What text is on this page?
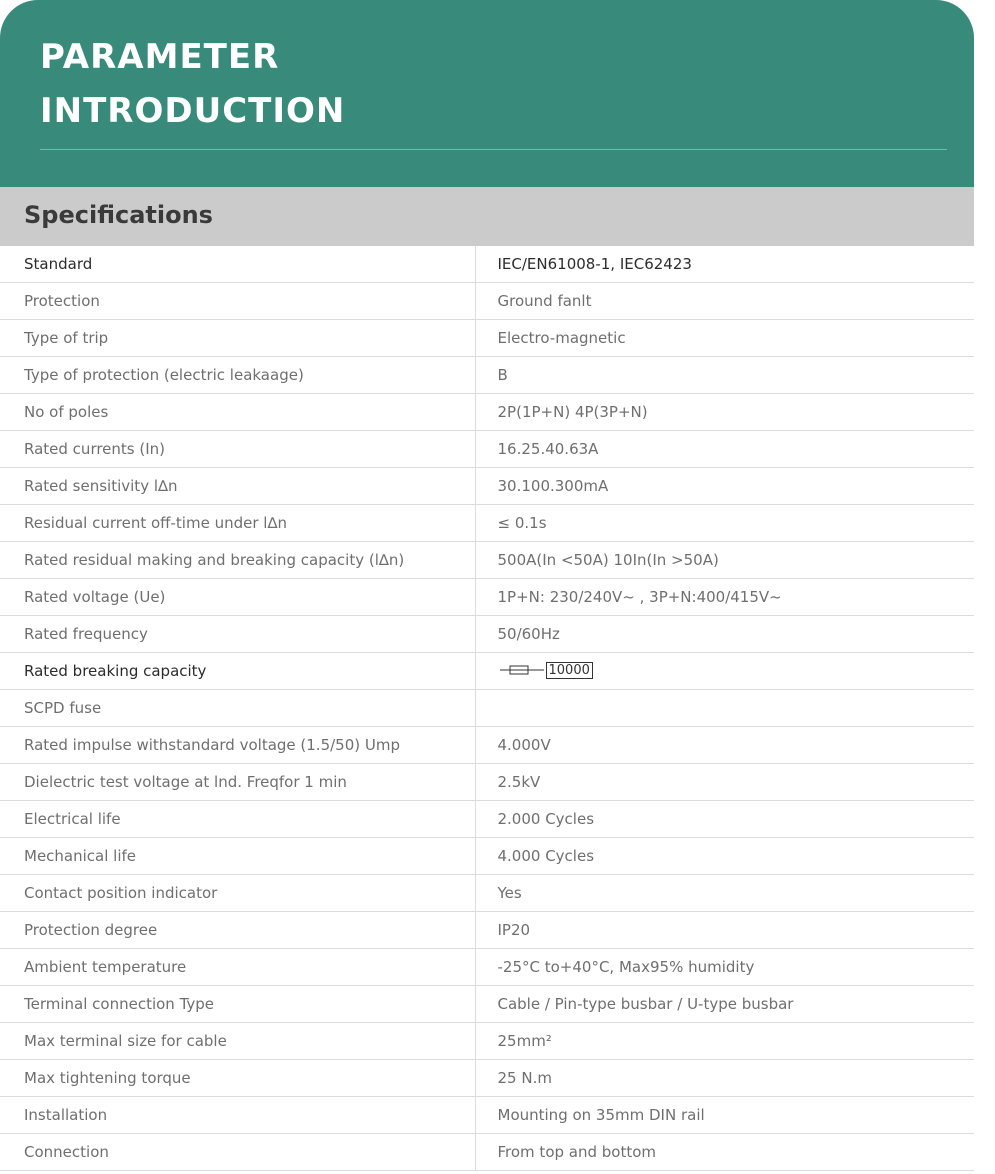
PARAMETER
INTRODUCTION
Specifications
Standard	IEC/EN61008-1, IEC62423
Protection	Ground fanlt
Type of trip	Electro-magnetic
Type of protection (electric leakaage)	B
No of poles	2P(1P+N) 4P(3P+N)
Rated currents (In)	16.25.40.63A
Rated sensitivity l∆n	30.100.300mA
Residual current off-time under l∆n	≤ 0.1s
Rated residual making and breaking capacity (l∆n)	500A(In <50A) 10In(In >50A)
Rated voltage (Ue)	1P+N: 230/240V~ , 3P+N:400/415V~
Rated frequency	50/60Hz
Rated breaking capacity	10000

SCPD fuse	
Rated impulse withstandard voltage (1.5/50) Ump	4.000V
Dielectric test voltage at lnd. Freqfor 1 min	2.5kV
Electrical life	2.000 Cycles
Mechanical life	4.000 Cycles
Contact position indicator	Yes
Protection degree	IP20
Ambient temperature	-25°C to+40°C, Max95% humidity
Terminal connection Type	Cable / Pin-type busbar / U-type busbar
Max terminal size for cable	25mm²
Max tightening torque	25 N.m
Installation	Mounting on 35mm DIN rail
Connection	From top and bottom
